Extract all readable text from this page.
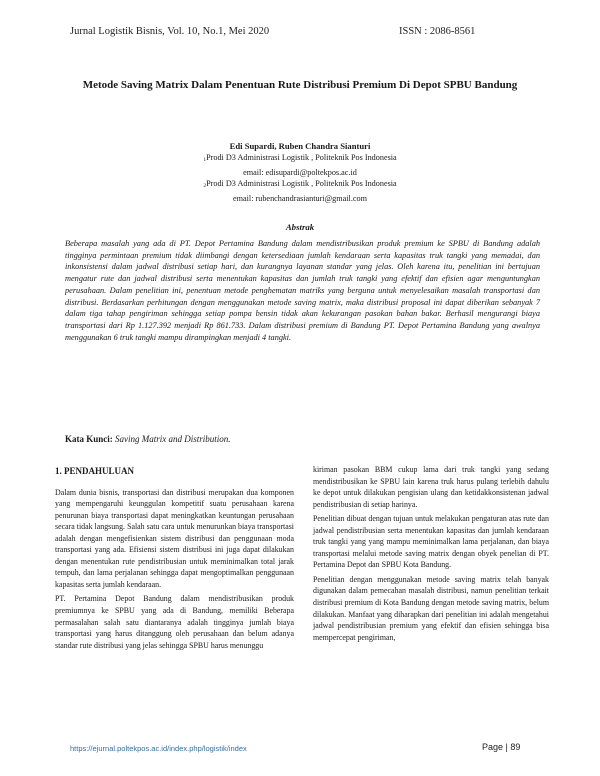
Jurnal Logistik Bisnis, Vol. 10, No.1, Mei 2020	ISSN : 2086-8561
Metode Saving Matrix Dalam Penentuan Rute Distribusi Premium Di Depot SPBU Bandung
Edi Supardi, Ruben Chandra Sianturi
$_1$Prodi D3 Administrasi Logistik , Politeknik Pos Indonesia
email: edisupardi@poltekpos.ac.id
$_2$Prodi D3 Administrasi Logistik , Politeknik Pos Indonesia
email: rubenchandrasianturi@gmail.com
Abstrak
Beberapa masalah yang ada di PT. Depot Pertamina Bandung dalam mendistribusikan produk premium ke SPBU di Bandung adalah tingginya permintaan premium tidak diimbangi dengan ketersediaan jumlah kendaraan serta kapasitas truk tangki yang memadai, dan inkonsistensi dalam jadwal distribusi setiap hari, dan kurangnya layanan standar yang jelas. Oleh karena itu, penelitian ini bertujuan mengatur rute dan jadwal distribusi serta menentukan kapasitas dan jumlah truk tangki yang efektif dan efisien agar menguntungkan perusahaan. Dalam penelitian ini, penentuan metode penghematan matriks yang berguna untuk menyelesaikan masalah transportasi dan distribusi. Berdasarkan perhitungan dengan menggunakan metode saving matrix, maka distribusi proposal ini dapat diberikan sebanyak 7 dalam tiga tahap pengiriman sehingga setiap pompa bensin tidak akan kekurangan pasokan bahan bakar. Berhasil mengurangi biaya transportasi dari Rp 1.127.392 menjadi Rp 861.733. Dalam distribusi premium di Bandung PT. Depot Pertamina Bandung yang awalnya menggunakan 6 truk tangki mampu dirampingkan menjadi 4 tangki.
Kata Kunci: Saving Matrix and Distribution.

1. PENDAHULUAN

Dalam dunia bisnis, transportasi dan distribusi merupakan dua komponen yang mempengaruhi keunggulan kompetitif suatu perusahaan karena penurunan biaya transportasi dapat meningkatkan keuntungan perusahaan secara tidak langsung. Salah satu cara untuk menurunkan biaya transportasi adalah dengan mengefisienkan sistem distribusi dan penggunaan moda transportasi yang ada. Efisiensi sistem distribusi ini juga dapat dilakukan dengan menentukan rute pendistribusian untuk meminimalkan total jarak tempuh, dan lama perjalanan sehingga dapat mengoptimalkan penggunaan kapasitas serta jumlah kendaraan.

PT. Pertamina Depot Bandung dalam mendistribusikan produk premiumnya ke SPBU yang ada di Bandung, memiliki Beberapa permasalahan salah satu diantaranya adalah tingginya jumlah biaya transportasi yang harus ditanggung oleh perusahaan dan belum adanya standar rute distribusi yang jelas sehingga SPBU harus menunggu

kiriman pasokan BBM cukup lama dari truk tangki yang sedang mendistribusikan ke SPBU lain karena truk harus pulang terlebih dahulu ke depot untuk dilakukan pengisian ulang dan ketidakkonsistenan jadwal pendistribusian di setiap harinya.

Penelitian dibuat dengan tujuan untuk melakukan pengaturan atas rute dan jadwal pendistribusian serta menentukan kapasitas dan jumlah kendaraan truk tangki yang yang mampu meminimalkan lama perjalanan, dan biaya transportasi melalui metode saving matrix dengan obyek penelian di PT. Pertamina Depot dan SPBU Kota Bandung.

Penelitian dengan menggunakan metode saving matrix telah banyak digunakan dalam pemecahan masalah distribusi, namun penelitian terkait distribusi premium di Kota Bandung dengan metode saving matrix, belum dilakukan. Manfaat yang diharapkan dari penelitian ini adalah mengetahui jadwal pendistribusian premium yang efektif dan efisien sehingga bisa mempercepat pengiriman,

https://ejurnal.poltekpos.ac.id/index.php/logistik/index	Page | 89
